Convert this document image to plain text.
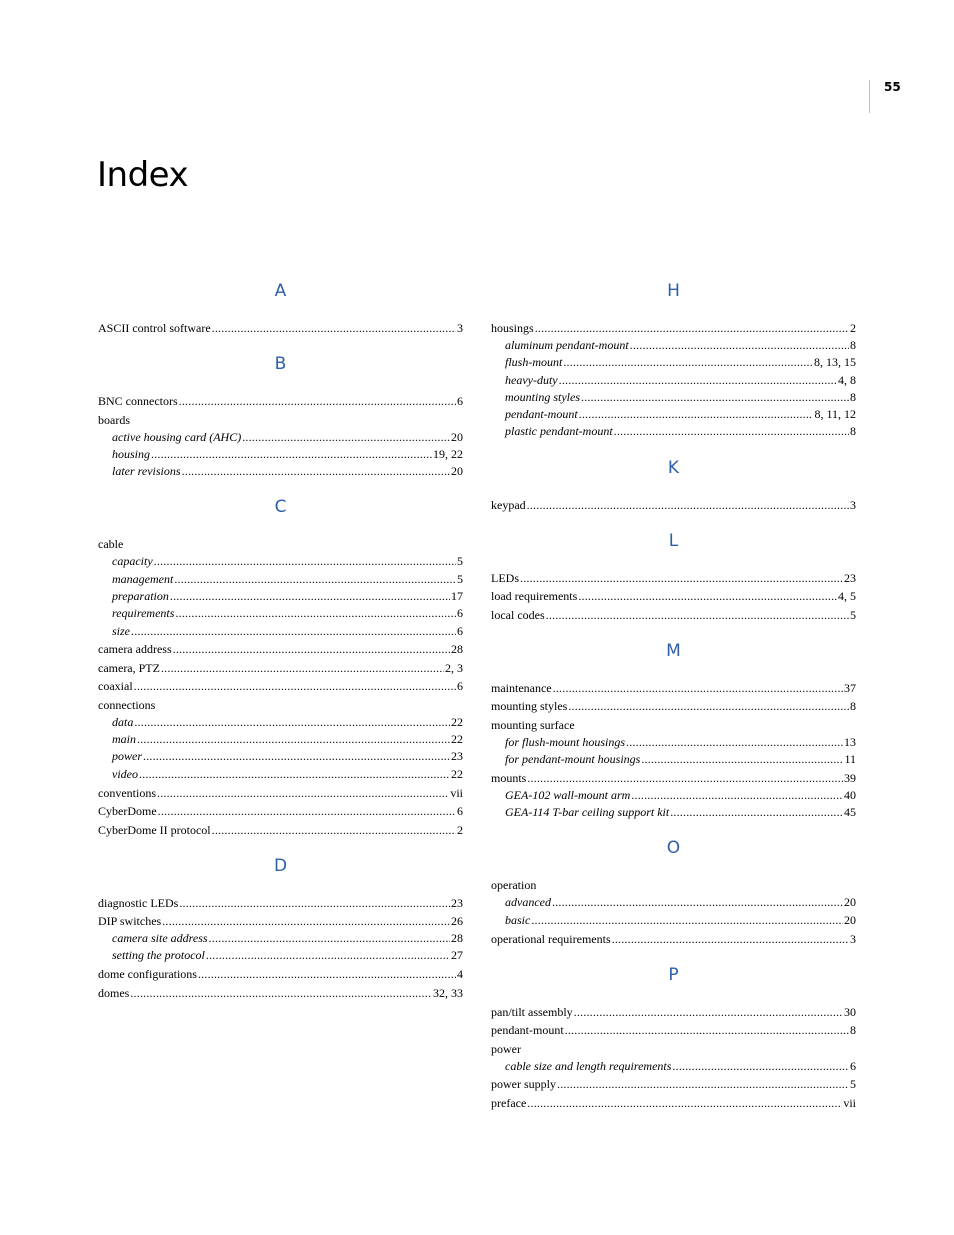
55
Index
A
ASCII control software .....	3
B
BNC connectors .....	6
boards
active housing card (AHC) .....	20
housing .....	19, 22
later revisions .....	20
C
cable
capacity .....	5
management .....	5
preparation .....	17
requirements .....	6
size .....	6
camera address .....	28
camera, PTZ .....	2, 3
coaxial .....	6
connections
data .....	22
main .....	22
power .....	23
video .....	22
conventions .....	vii
CyberDome .....	6
CyberDome II protocol .....	2
D
diagnostic LEDs .....	23
DIP switches .....	26
camera site address .....	28
setting the protocol .....	27
dome configurations .....	4
domes .....	32, 33
H
housings .....	2
aluminum pendant-mount .....	8
flush-mount .....	8, 13, 15
heavy-duty .....	4, 8
mounting styles .....	8
pendant-mount .....	8, 11, 12
plastic pendant-mount .....	8
K
keypad .....	3
L
LEDs .....	23
load requirements .....	4, 5
local codes .....	5
M
maintenance .....	37
mounting styles .....	8
mounting surface
for flush-mount housings .....	13
for pendant-mount housings .....	11
mounts .....	39
GEA-102 wall-mount arm .....	40
GEA-114 T-bar ceiling support kit .....	45
O
operation
advanced .....	20
basic .....	20
operational requirements .....	3
P
pan/tilt assembly .....	30
pendant-mount .....	8
power
cable size and length requirements .....	6
power supply .....	5
preface .....	vii
